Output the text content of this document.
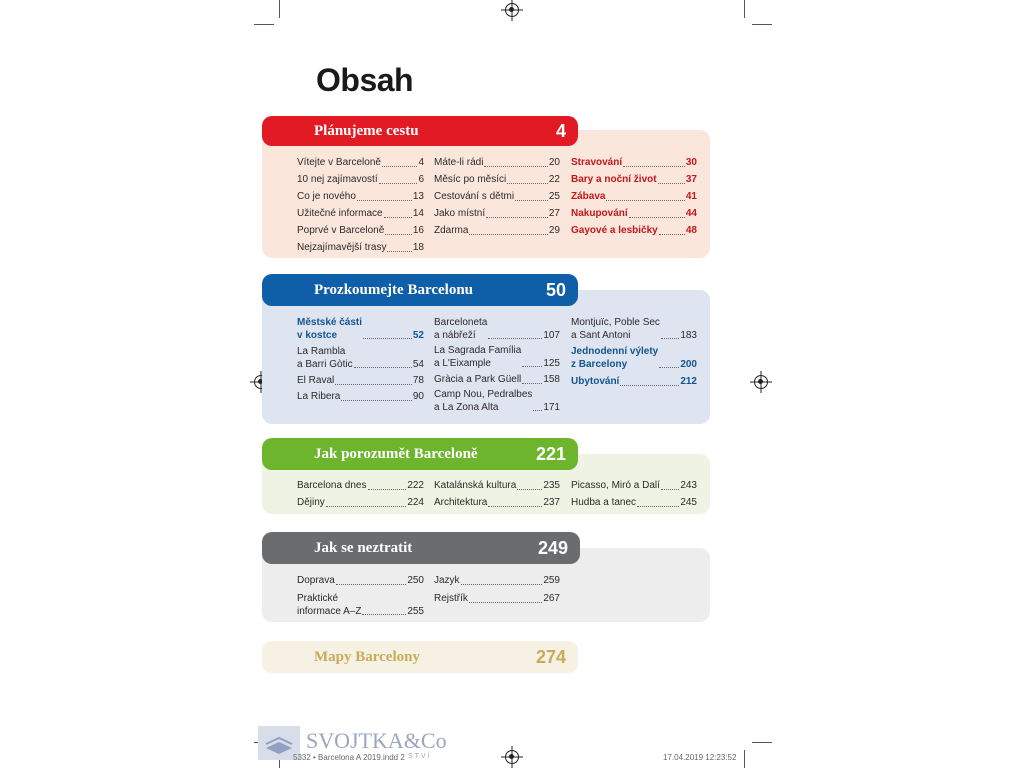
Obsah
Plánujeme cestu	4
Vítejte v Barceloně	4
10 nej zajímavostí	6
Co je nového	13
Užitečné informace	14
Poprvé v Barceloně	16
Nejzajímavější trasy	18
Máte-li rádi	20
Měsíc po měsíci	22
Cestování s dětmi	25
Jako místní	27
Zdarma	29
Stravování	30
Bary a noční život	37
Zábava	41
Nakupování	44
Gayové a lesbičky	48
Prozkoumejte Barcelonu	50
Městské části
v kostce	52
La Rambla
a Barri Gòtic	54
El Raval	78
La Ribera	90
Barceloneta
a nábřeží	107
La Sagrada Família
a L'Eixample	125
Gràcia a Park Güell 158
Camp Nou, Pedralbes
a La Zona Alta	171
Montjuïc, Poble Sec
a Sant Antoni	183
Jednodenní výlety
z Barcelony	200
Ubytování	212
Jak porozumět Barceloně	221
Barcelona dnes	222
Dějiny	224
Katalánská kultura	235
Architektura	237
Picasso, Miró a Dalí 243
Hudba a tanec	245
Jak se neztratit	249
Doprava	250
Praktické
informace A–Z	255
Jazyk	259
Rejstřík	267
Mapy Barcelony	274
SVOJTKA&Co.
STVÍ
5332 • Barcelona A 2019.indd 2	17.04.2019 12:23:52
